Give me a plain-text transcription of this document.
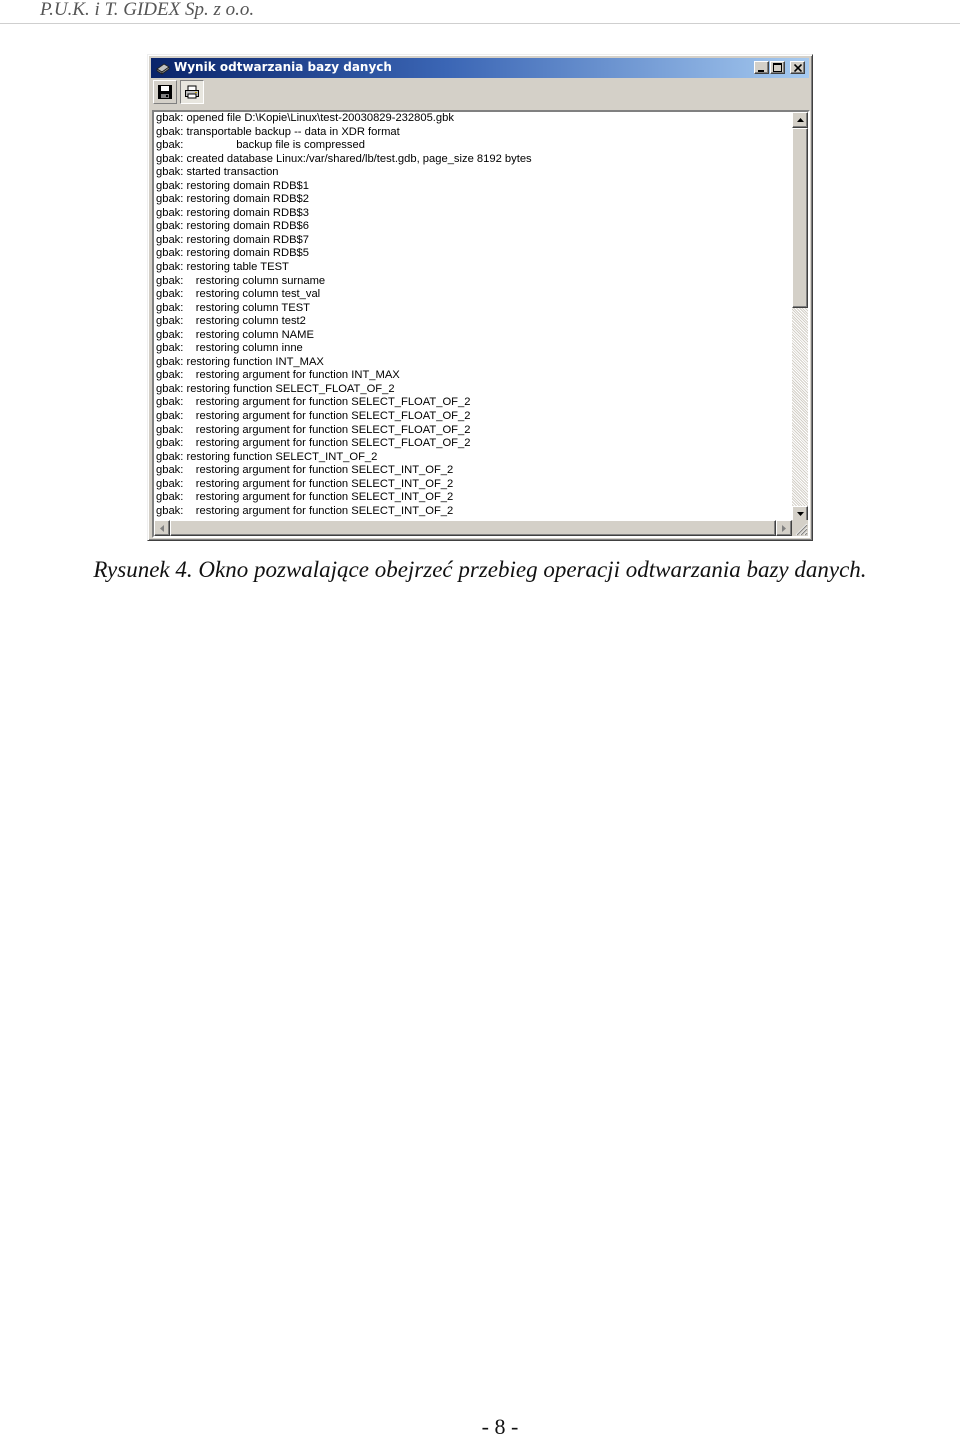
P.U.K. i T. GIDEX Sp. z o.o.
Wynik odtwarzania bazy danych
gbak: opened file D:\Kopie\Linux\test-20030829-232805.gbk
gbak: transportable backup -- data in XDR format
gbak:                 backup file is compressed
gbak: created database Linux:/var/shared/lb/test.gdb, page_size 8192 bytes
gbak: started transaction
gbak: restoring domain RDB$1
gbak: restoring domain RDB$2
gbak: restoring domain RDB$3
gbak: restoring domain RDB$6
gbak: restoring domain RDB$7
gbak: restoring domain RDB$5
gbak: restoring table TEST
gbak:    restoring column surname
gbak:    restoring column test_val
gbak:    restoring column TEST
gbak:    restoring column test2
gbak:    restoring column NAME
gbak:    restoring column inne
gbak: restoring function INT_MAX
gbak:    restoring argument for function INT_MAX
gbak: restoring function SELECT_FLOAT_OF_2
gbak:    restoring argument for function SELECT_FLOAT_OF_2
gbak:    restoring argument for function SELECT_FLOAT_OF_2
gbak:    restoring argument for function SELECT_FLOAT_OF_2
gbak:    restoring argument for function SELECT_FLOAT_OF_2
gbak: restoring function SELECT_INT_OF_2
gbak:    restoring argument for function SELECT_INT_OF_2
gbak:    restoring argument for function SELECT_INT_OF_2
gbak:    restoring argument for function SELECT_INT_OF_2
gbak:    restoring argument for function SELECT_INT_OF_2
Rysunek 4. Okno pozwalające obejrzeć przebieg operacji odtwarzania bazy danych.
- 8 -
